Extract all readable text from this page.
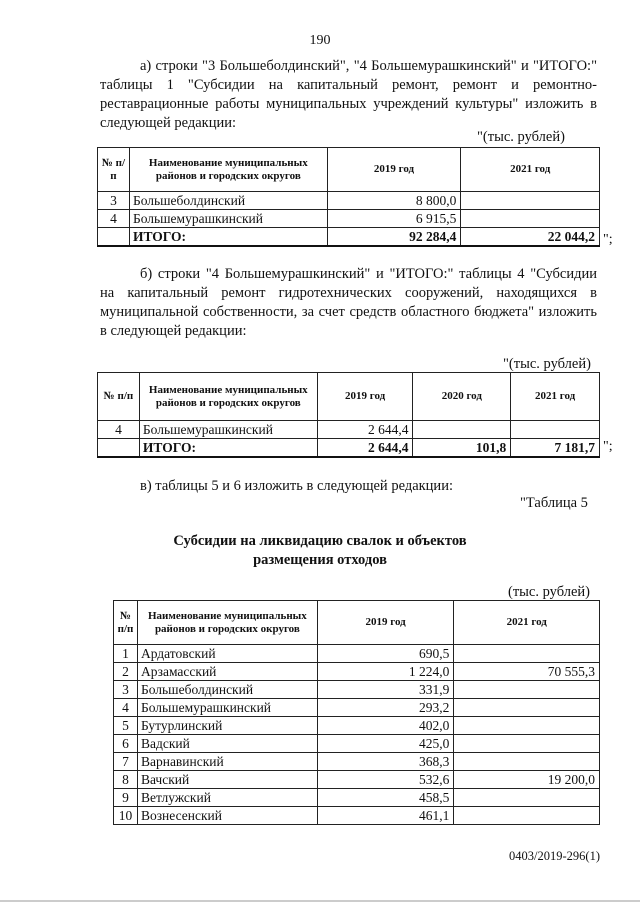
190
а) строки "3 Большеболдинский", "4 Большемурашкинский" и "ИТОГО:" таблицы 1 "Субсидии на капитальный ремонт, ремонт и ремонтно-реставрационные работы муниципальных учреждений культуры" изложить в следующей редакции:
"(тыс. рублей)
№ п/п	Наименование муниципальных районов и городских округов	2019 год	2021 год
3	Большеболдинский	8 800,0	
4	Большемурашкинский	6 915,5	
	ИТОГО:	92 284,4	22 044,2 ";
б) строки "4 Большемурашкинский" и "ИТОГО:" таблицы 4 "Субсидии на капитальный ремонт гидротехнических сооружений, находящихся в муниципальной собственности, за счет средств областного бюджета" изложить в следующей редакции:
"(тыс. рублей)
№ п/п	Наименование муниципальных районов и городских округов	2019 год	2020 год	2021 год
4	Большемурашкинский	2 644,4		
	ИТОГО:	2 644,4	101,8	7 181,7 ";
в) таблицы 5 и 6 изложить в следующей редакции:
"Таблица 5
Субсидии на ликвидацию свалок и объектов
размещения отходов
(тыс. рублей)
№ п/п	Наименование муниципальных районов и городских округов	2019 год	2021 год
1	Ардатовский	690,5	
2	Арзамасский	1 224,0	70 555,3
3	Большеболдинский	331,9	
4	Большемурашкинский	293,2	
5	Бутурлинский	402,0	
6	Вадский	425,0	
7	Варнавинский	368,3	
8	Вачский	532,6	19 200,0
9	Ветлужский	458,5	
10	Вознесенский	461,1	
0403/2019-296(1)
